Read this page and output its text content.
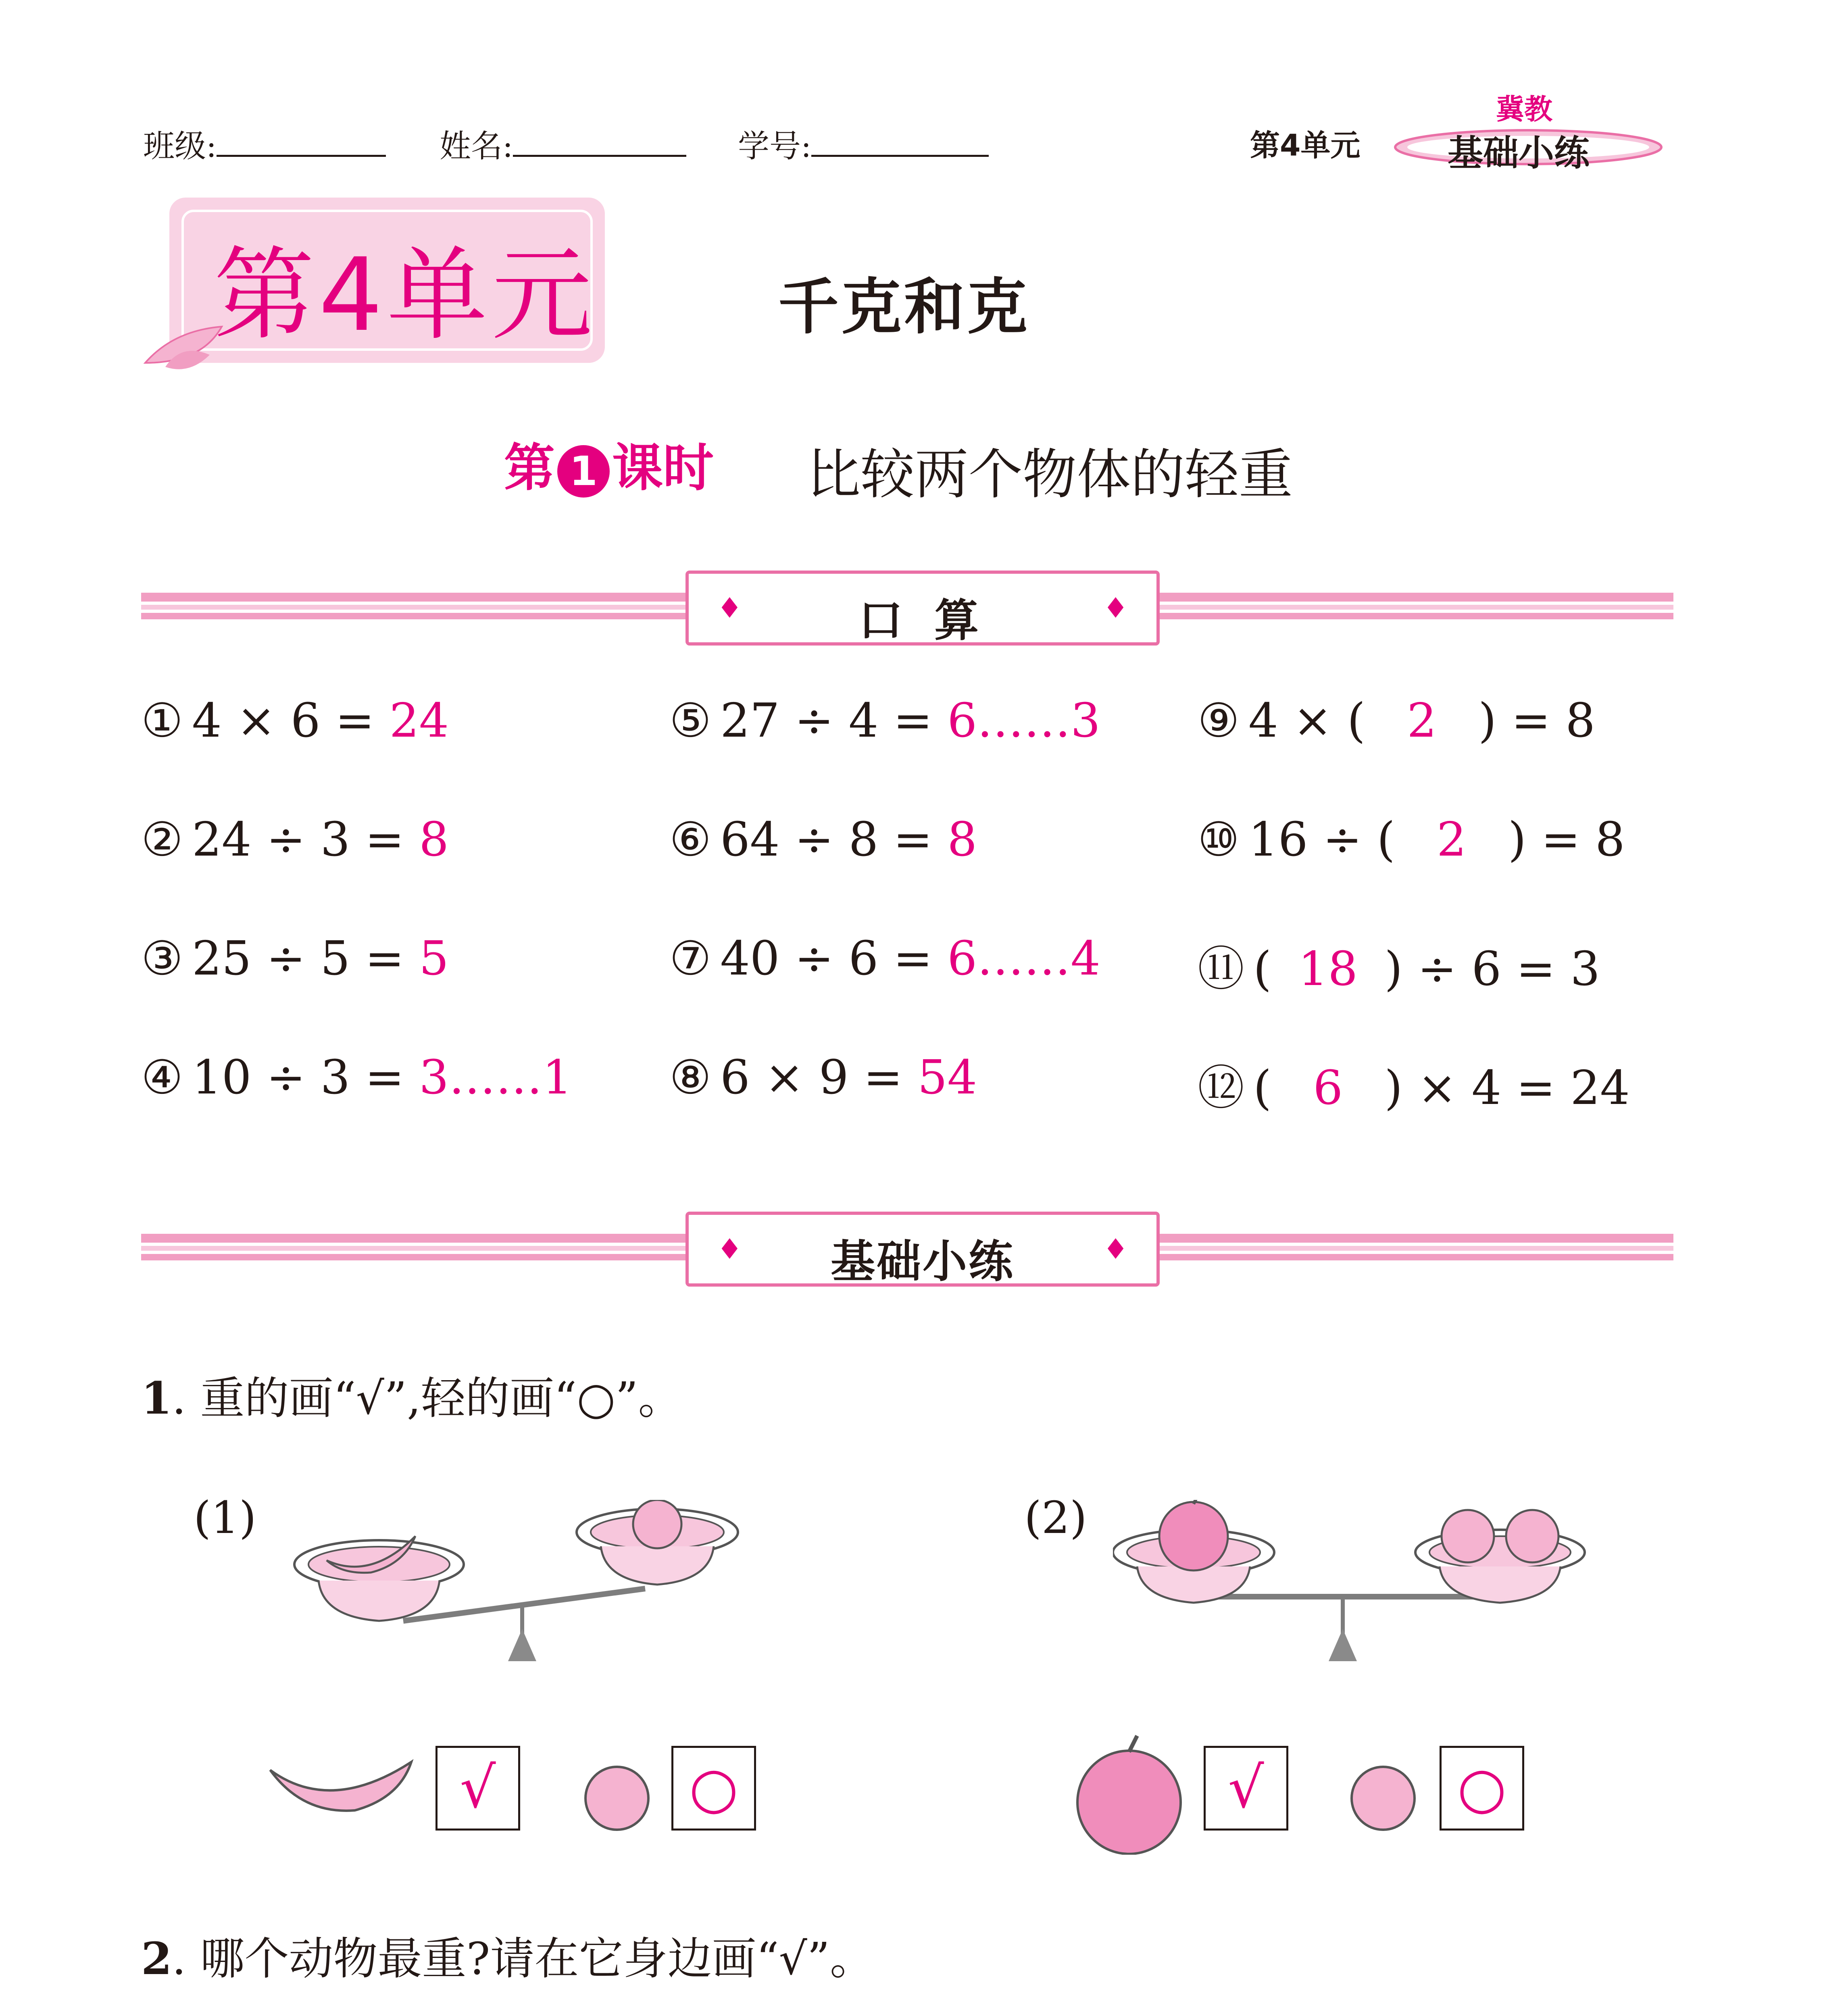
班级:	姓名:	学号:	第4单元
冀教
基础小练
第4单元	千克和克
第 1 课时 比较两个物体的轻重
♦	口 算	♦
① 4 × 6 = 24
② 24 ÷ 3 = 8
③ 25 ÷ 5 = 5
④ 10 ÷ 3 = 3……1
⑤ 27 ÷ 4 = 6……3
⑥ 64 ÷ 8 = 8
⑦ 40 ÷ 6 = 6……4
⑧ 6 × 9 = 54
⑨ 4 × ( 2 ) = 8
⑩ 16 ÷ ( 2 ) = 8
⑪ ( 18 ) ÷ 6 = 3
⑫ ( 6 ) × 4 = 24
♦	基础小练	♦
1. 重的画“√”,轻的画“○”。
(1)	(2)
√	○	√	○
2. 哪个动物最重?请在它身边画“√”。
